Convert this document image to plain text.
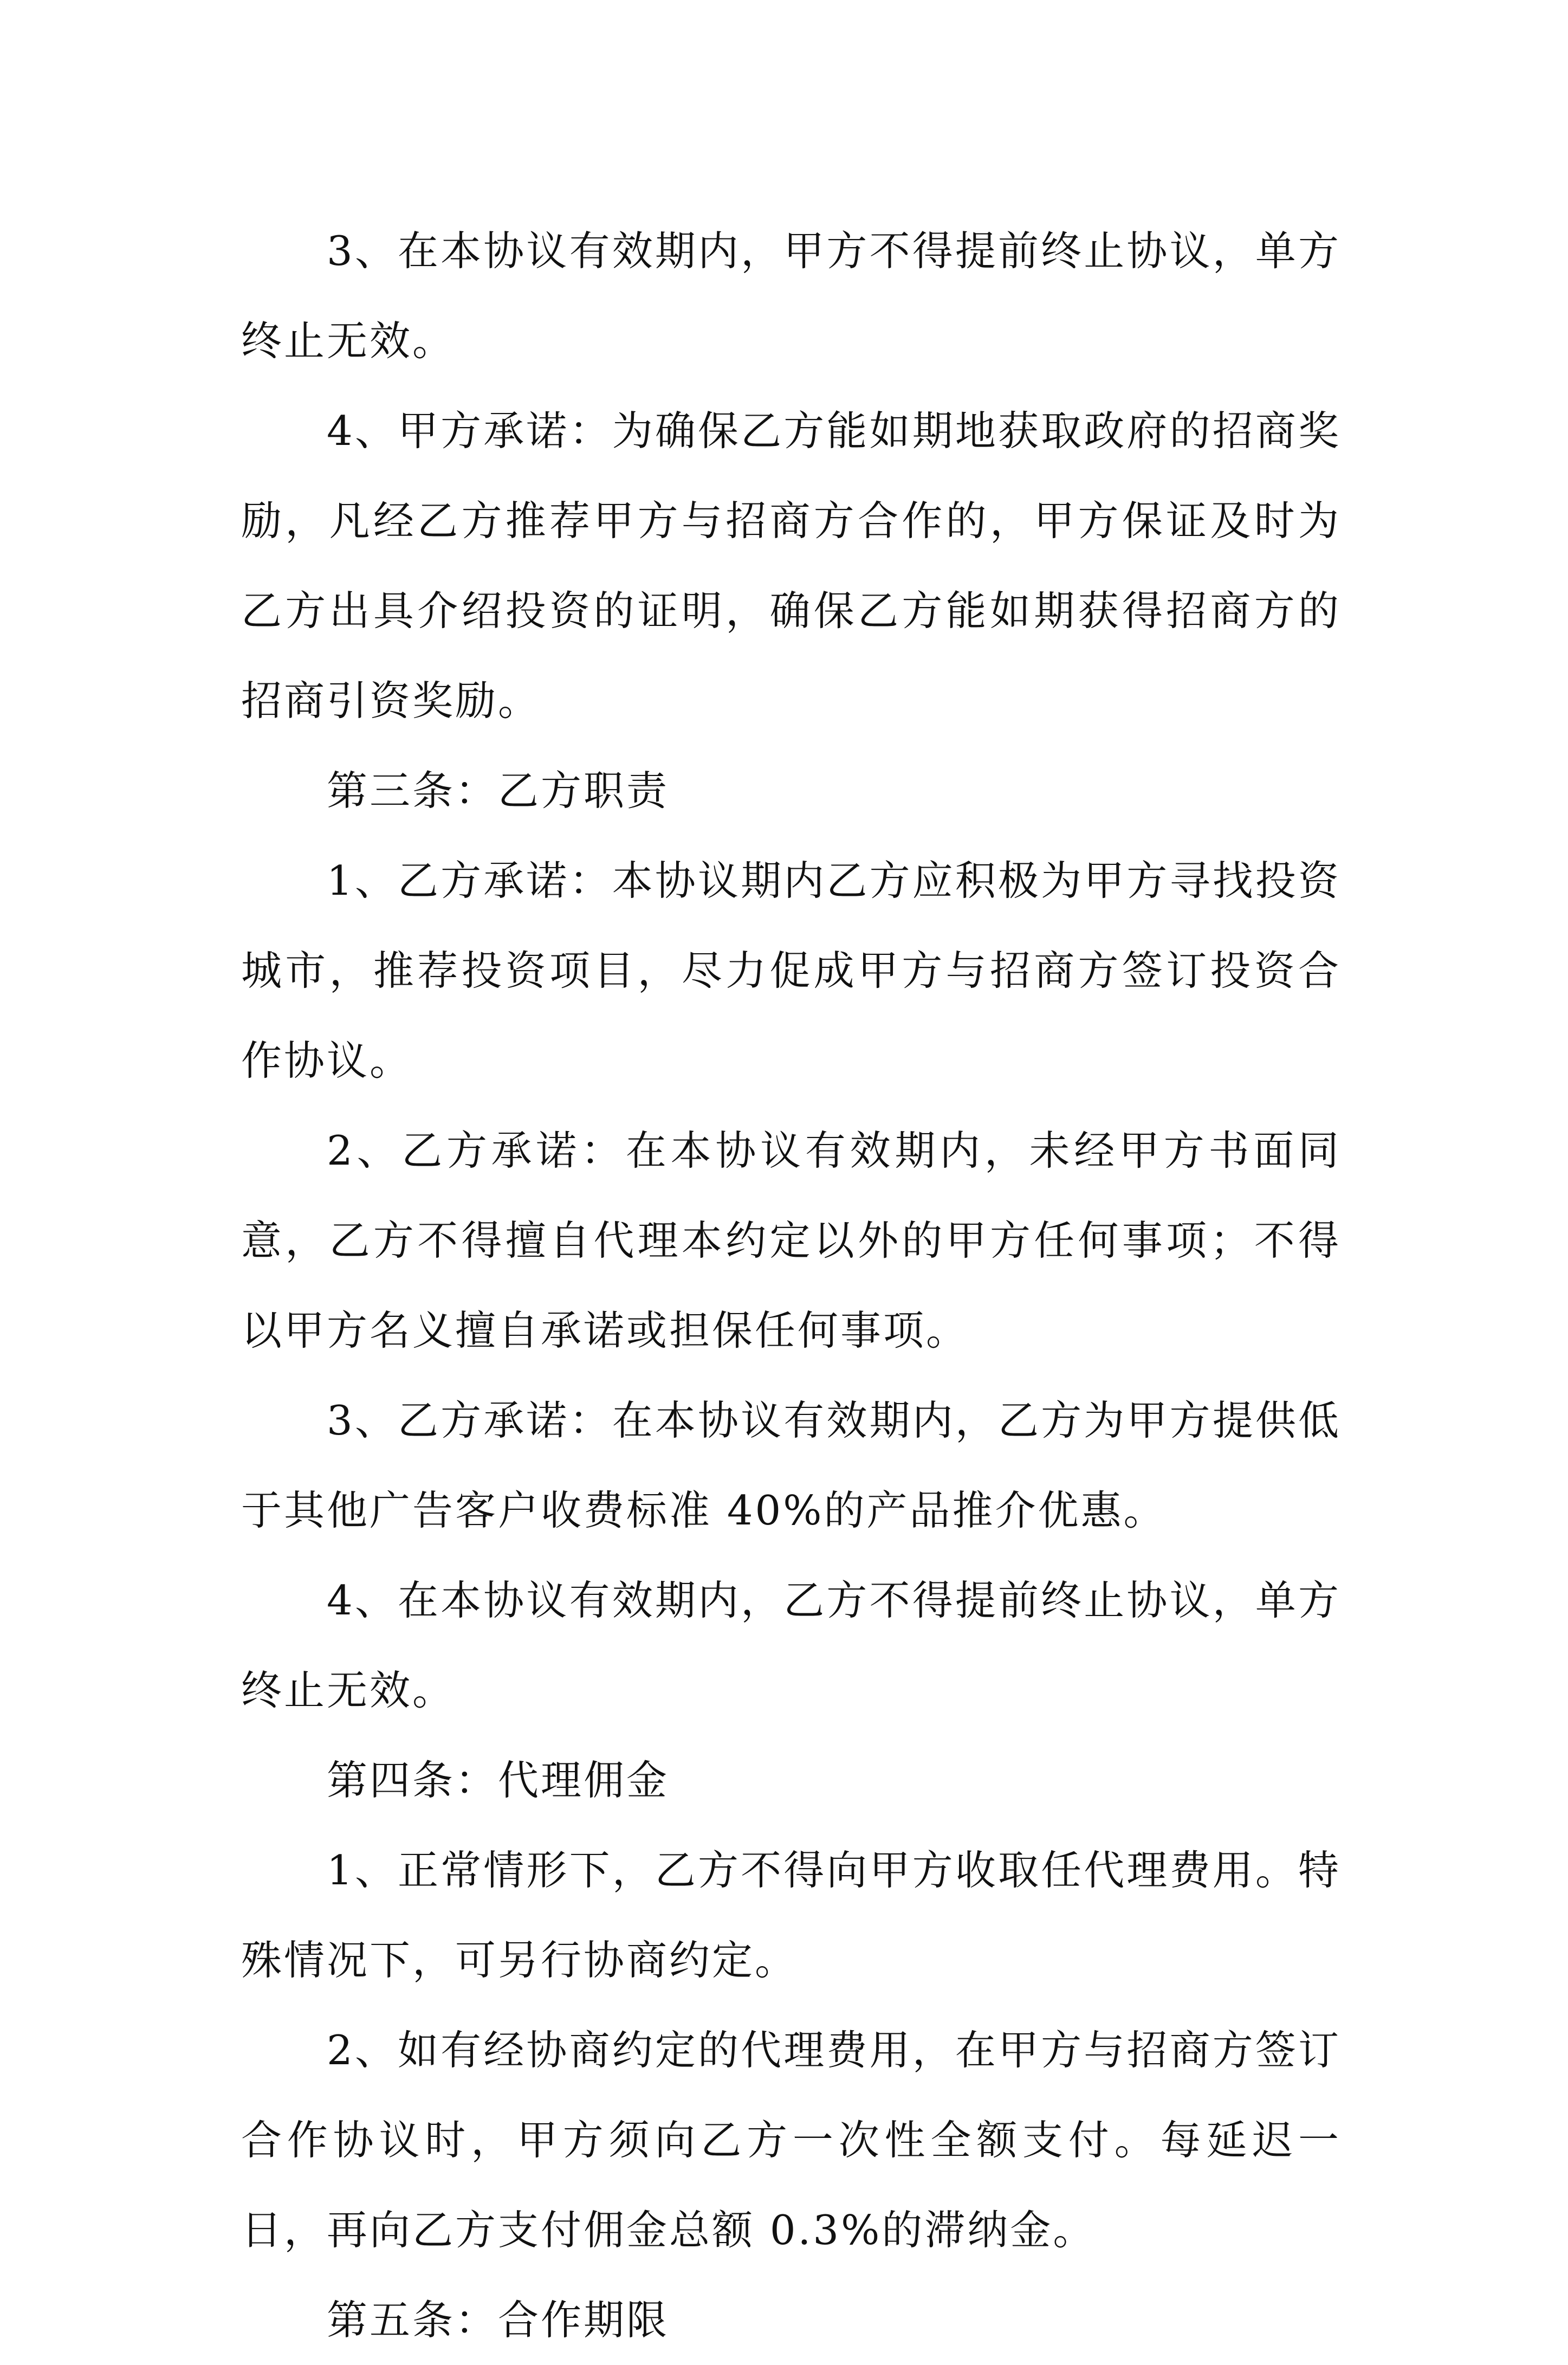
3、在本协议有效期内，甲方不得提前终止协议，单方终止无效。

4、甲方承诺：为确保乙方能如期地获取政府的招商奖励，凡经乙方推荐甲方与招商方合作的，甲方保证及时为乙方出具介绍投资的证明，确保乙方能如期获得招商方的招商引资奖励。

第三条：乙方职责

1、乙方承诺：本协议期内乙方应积极为甲方寻找投资城市，推荐投资项目，尽力促成甲方与招商方签订投资合作协议。

2、乙方承诺：在本协议有效期内，未经甲方书面同意，乙方不得擅自代理本约定以外的甲方任何事项；不得以甲方名义擅自承诺或担保任何事项。

3、乙方承诺：在本协议有效期内，乙方为甲方提供低于其他广告客户收费标准 40%的产品推介优惠。

4、在本协议有效期内，乙方不得提前终止协议，单方终止无效。

第四条：代理佣金

1、正常情形下，乙方不得向甲方收取任代理费用。特殊情况下，可另行协商约定。

2、如有经协商约定的代理费用，在甲方与招商方签订合作协议时，甲方须向乙方一次性全额支付。每延迟一日，再向乙方支付佣金总额 0.3%的滞纳金。

第五条：合作期限
